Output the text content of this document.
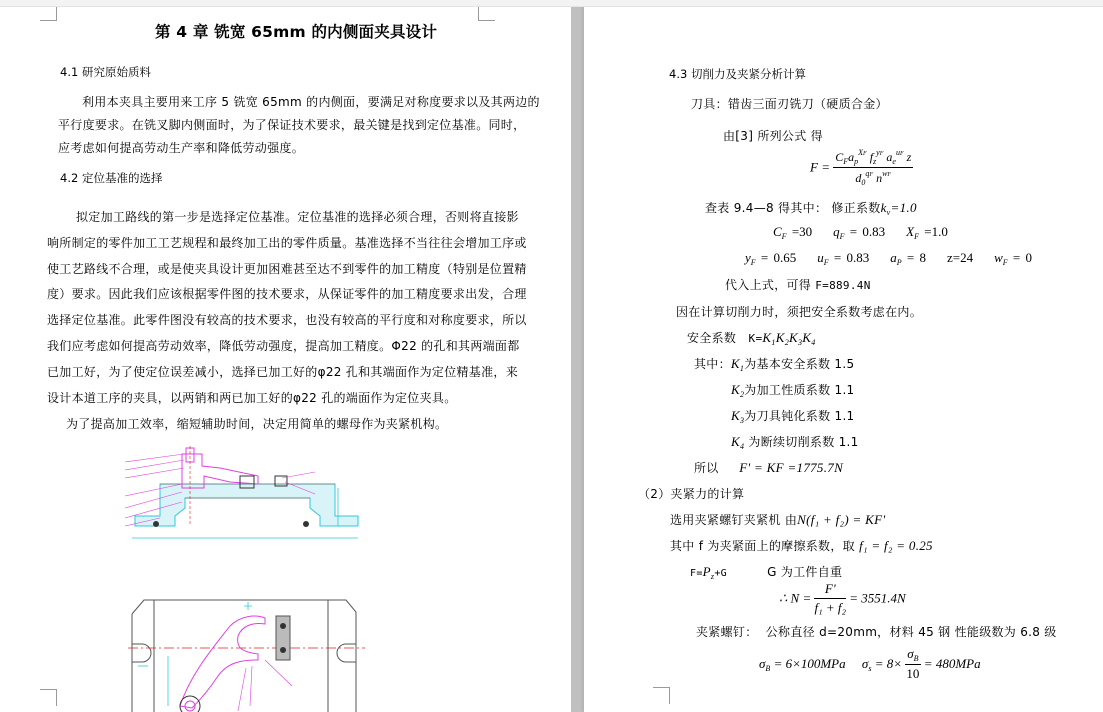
第 4 章 铣宽 65mm 的内侧面夹具设计
4.1 研究原始质料
利用本夹具主要用来工序 5 铣宽 65mm 的内侧面，要满足对称度要求以及其两边的
平行度要求。在铣叉脚内侧面时，为了保证技术要求，最关键是找到定位基准。同时，
应考虑如何提高劳动生产率和降低劳动强度。
4.2 定位基准的选择
拟定加工路线的第一步是选择定位基准。定位基准的选择必须合理，否则将直接影
响所制定的零件加工工艺规程和最终加工出的零件质量。基准选择不当往往会增加工序或
使工艺路线不合理，或是使夹具设计更加困难甚至达不到零件的加工精度（特别是位置精
度）要求。因此我们应该根据零件图的技术要求，从保证零件的加工精度要求出发，合理
选择定位基准。此零件图没有较高的技术要求，也没有较高的平行度和对称度要求，所以
我们应考虑如何提高劳动效率，降低劳动强度，提高加工精度。Φ22 的孔和其两端面都
已加工好，为了使定位误差减小，选择已加工好的φ22 孔和其端面作为定位精基准，来
设计本道工序的夹具，以两销和两已加工好的φ22 孔的端面作为定位夹具。
为了提高加工效率，缩短辅助时间，决定用简单的螺母作为夹紧机构。
4.3 切削力及夹紧分析计算
刀具：错齿三面刃铣刀（硬质合金）
由[3] 所列公式 得
$F = \frac{C_Fa_p^{XF} f_z^{yF} a_e^{uF} z}{d_0^{qF} n^{wF}}$
查表 9.4—8 得其中： 修正系数$k_v=1.0$
$C_F =30$ $q_F = 0.83$ $X_F =1.0$
$y_F = 0.65$ $u_F = 0.83$ $a_P = 8$ z=24 $w_F = 0$
代入上式，可得 F=889.4N
因在计算切削力时，须把安全系数考虑在内。
安全系数 $K=K_1K_2K_3K_4$
其中：$K_1$为基本安全系数 1.5
$K_2$为加工性质系数 1.1
$K_3$为刀具钝化系数 1.1
$K_4$ 为断续切削系数 1.1
所以 F' = KF =1775.7N
（2）夹紧力的计算
选用夹紧螺钉夹紧机 由N(f₁ + f₂) = KF'
其中 f 为夹紧面上的摩擦系数，取 f₁ = f₂ = 0.25
$F=P_z+G$	G 为工件自重
∴ $N = \frac{F'}{\text{f₁ + f₂}} = 3551.4N$
夹紧螺钉： 公称直径 d=20mm，材料 45 钢 性能级数为 6.8 级
$\sigma_B = 6\times 100MPa$ $\sigma_s = 8\times \frac{\sigma_B}{10} = 480MPa$
